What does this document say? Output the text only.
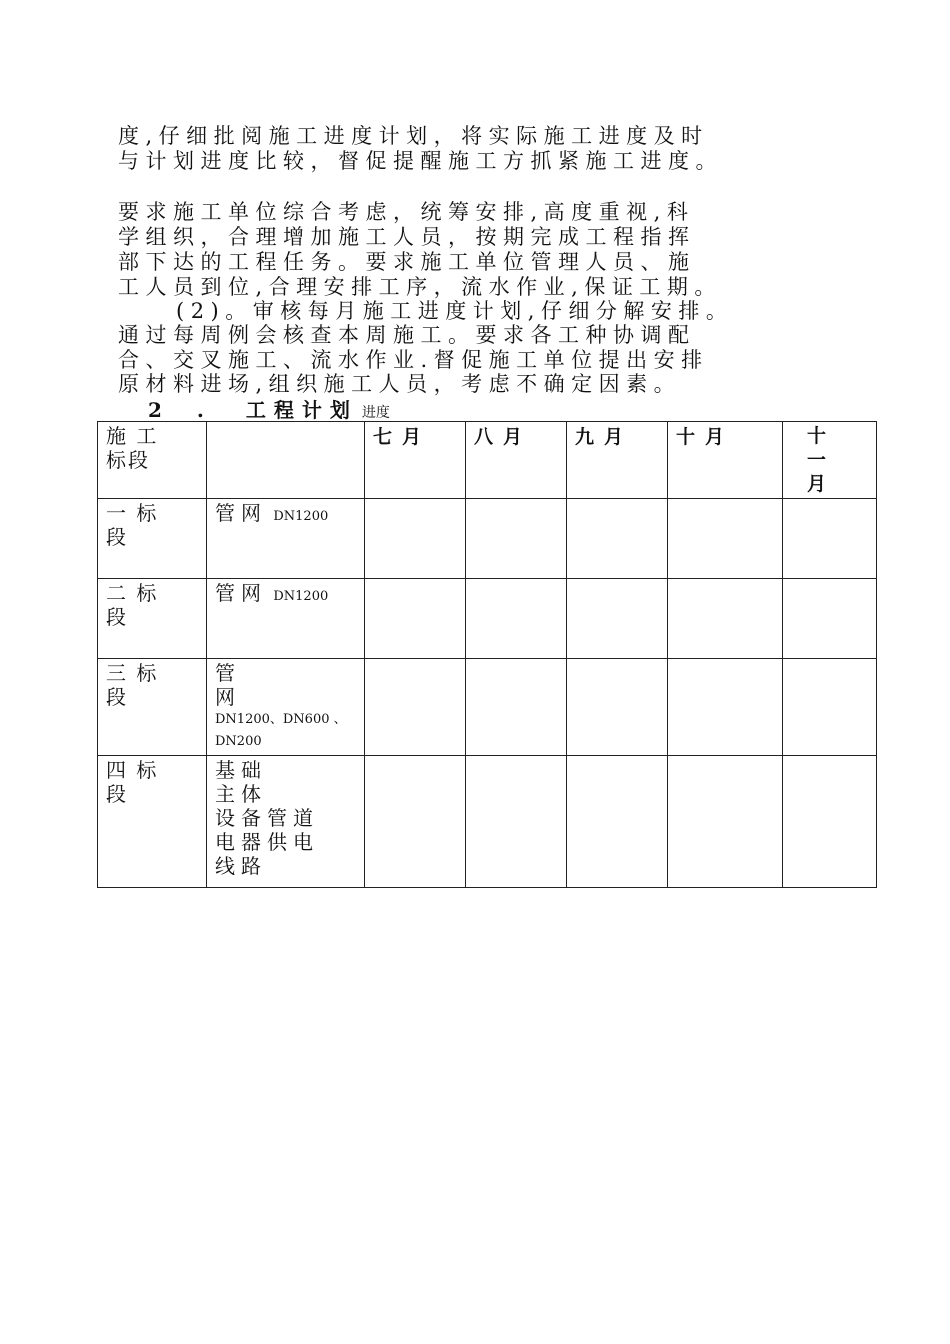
度,仔细批阅施工进度计划，将实际施工进度及时
与计划进度比较，督促提醒施工方抓紧施工进度。
要求施工单位综合考虑，统筹安排,高度重视,科
学组织，合理增加施工人员，按期完成工程指挥
部下达的工程任务。要求施工单位管理人员、施
工人员到位,合理安排工序，流水作业,保证工期。
(2)。审核每月施工进度计划,仔细分解安排。
通过每周例会核查本周施工。要求各工种协调配
合、交叉施工、流水作业.督促施工单位提出安排
原材料进场,组织施工人员，考虑不确定因素。
2 . 工程计划 进度
施 工 标段		七月	八月	九月	十月	十一月

一 标段	管网 DN1200					

二 标段	管网 DN1200					

三 标段	管 网
DN1200、DN600 、DN200					

四 标段	基础
主体
设备管道
电器供电
线路					
